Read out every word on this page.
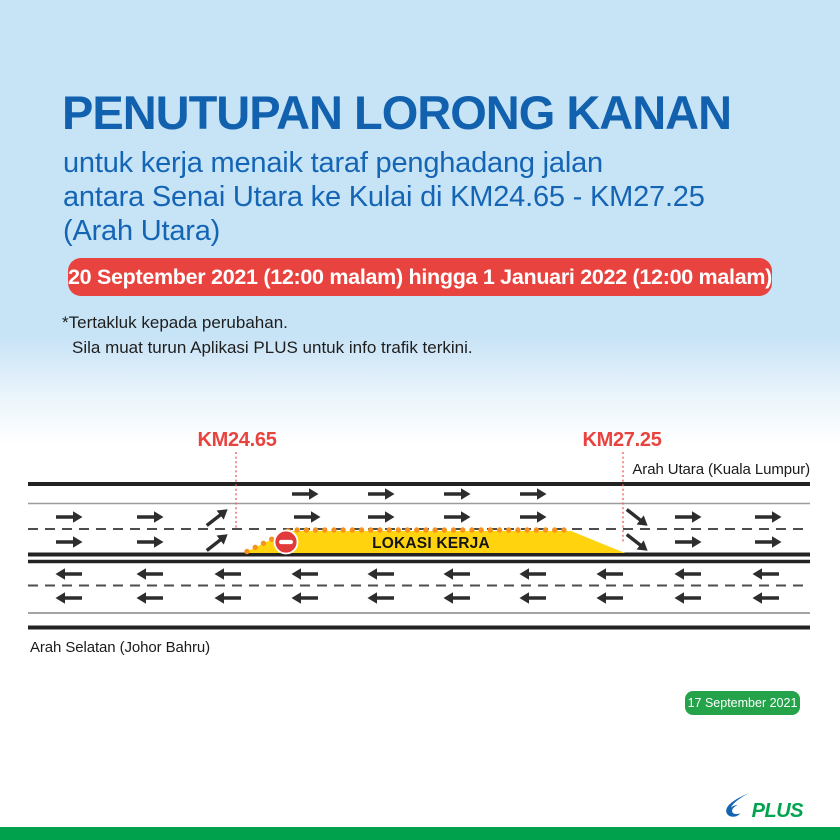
PENUTUPAN LORONG KANAN
untuk kerja menaik taraf penghadang jalan
antara Senai Utara ke Kulai di KM24.65 - KM27.25
(Arah Utara)
20 September 2021 (12:00 malam) hingga 1 Januari 2022 (12:00 malam)
*Tertakluk kepada perubahan.
Sila muat turun Aplikasi PLUS untuk info trafik terkini.
LOKASI KERJA
KM24.65	KM27.25
Arah Utara (Kuala Lumpur)
Arah Selatan (Johor Bahru)
17 September 2021
PLUS
